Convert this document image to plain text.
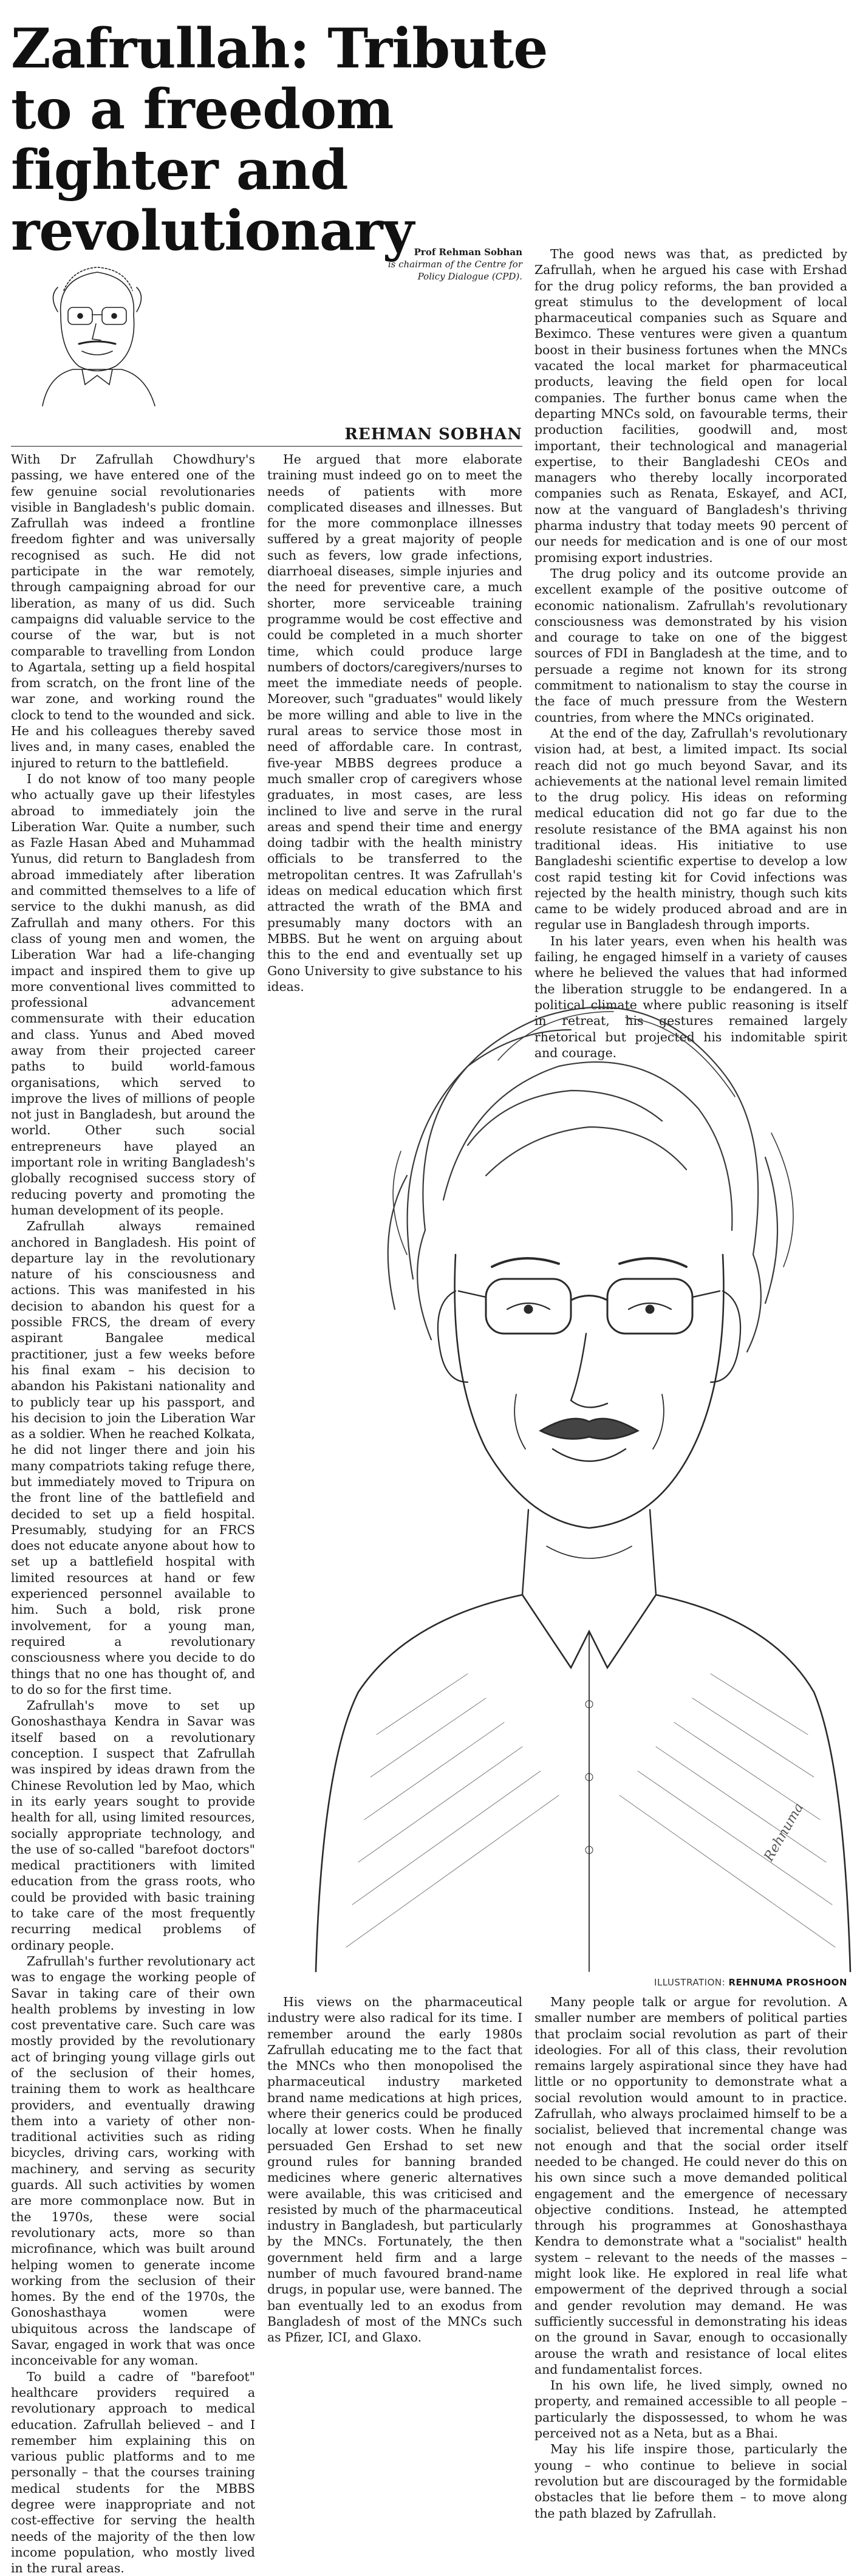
Zafrullah: Tribute to a freedom fighter and revolutionary Prof Rehman Sobhan
is chairman of the Centre for Policy Dialogue (CPD).
REHMAN SOBHAN

With Dr Zafrullah Chowdhury's passing, we have entered one of the few genuine social revolutionaries visible in Bangladesh's public domain. Zafrullah was indeed a frontline freedom fighter and was universally recognised as such. He did not participate in the war remotely, through campaigning abroad for our liberation, as many of us did. Such campaigns did valuable service to the course of the war, but is not comparable to travelling from London to Agartala, setting up a field hospital from scratch, on the front line of the war zone, and working round the clock to tend to the wounded and sick. He and his colleagues thereby saved lives and, in many cases, enabled the injured to return to the battlefield.

I do not know of too many people who actually gave up their lifestyles abroad to immediately join the Liberation War. Quite a number, such as Fazle Hasan Abed and Muhammad Yunus, did return to Bangladesh from abroad immediately after liberation and committed themselves to a life of service to the dukhi manush, as did Zafrullah and many others. For this class of young men and women, the Liberation War had a life-changing impact and inspired them to give up more conventional lives committed to professional advancement commensurate with their education and class. Yunus and Abed moved away from their projected career paths to build world-famous organisations, which served to improve the lives of millions of people not just in Bangladesh, but around the world. Other such social entrepreneurs have played an important role in writing Bangladesh's globally recognised success story of reducing poverty and promoting the human development of its people.

Zafrullah always remained anchored in Bangladesh. His point of departure lay in the revolutionary nature of his consciousness and actions. This was manifested in his decision to abandon his quest for a possible FRCS, the dream of every aspirant Bangalee medical practitioner, just a few weeks before his final exam – his decision to abandon his Pakistani nationality and to publicly tear up his passport, and his decision to join the Liberation War as a soldier. When he reached Kolkata, he did not linger there and join his many compatriots taking refuge there, but immediately moved to Tripura on the front line of the battlefield and decided to set up a field hospital. Presumably, studying for an FRCS does not educate anyone about how to set up a battlefield hospital with limited resources at hand or few experienced personnel available to him. Such a bold, risk prone involvement, for a young man, required a revolutionary consciousness where you decide to do things that no one has thought of, and to do so for the first time.

Zafrullah's move to set up Gonoshasthaya Kendra in Savar was itself based on a revolutionary conception. I suspect that Zafrullah was inspired by ideas drawn from the Chinese Revolution led by Mao, which in its early years sought to provide health for all, using limited resources, socially appropriate technology, and the use of so-called "barefoot doctors" medical practitioners with limited education from the grass roots, who could be provided with basic training to take care of the most frequently recurring medical problems of ordinary people.

Zafrullah's further revolutionary act was to engage the working people of Savar in taking care of their own health problems by investing in low cost preventative care. Such care was mostly provided by the revolutionary act of bringing young village girls out of the seclusion of their homes, training them to work as healthcare providers, and eventually drawing them into a variety of other non-traditional activities such as riding bicycles, driving cars, working with machinery, and serving as security guards. All such activities by women are more commonplace now. But in the 1970s, these were social revolutionary acts, more so than microfinance, which was built around helping women to generate income working from the seclusion of their homes. By the end of the 1970s, the Gonoshasthaya women were ubiquitous across the landscape of Savar, engaged in work that was once inconceivable for any woman.

To build a cadre of "barefoot" healthcare providers required a revolutionary approach to medical education. Zafrullah believed – and I remember him explaining this on various public platforms and to me personally – that the courses training medical students for the MBBS degree were inappropriate and not cost-effective for serving the health needs of the majority of the then low income population, who mostly lived in the rural areas.

He argued that more elaborate training must indeed go on to meet the needs of patients with more complicated diseases and illnesses. But for the more commonplace illnesses suffered by a great majority of people such as fevers, low grade infections, diarrhoeal diseases, simple injuries and the need for preventive care, a much shorter, more serviceable training programme would be cost effective and could be completed in a much shorter time, which could produce large numbers of doctors/caregivers/nurses to meet the immediate needs of people. Moreover, such "graduates" would likely be more willing and able to live in the rural areas to service those most in need of affordable care. In contrast, five-year MBBS degrees produce a much smaller crop of caregivers whose graduates, in most cases, are less inclined to live and serve in the rural areas and spend their time and energy doing tadbir with the health ministry officials to be transferred to the metropolitan centres. It was Zafrullah's ideas on medical education which first attracted the wrath of the BMA and presumably many doctors with an MBBS. But he went on arguing about this to the end and eventually set up Gono University to give substance to his ideas.

The good news was that, as predicted by Zafrullah, when he argued his case with Ershad for the drug policy reforms, the ban provided a great stimulus to the development of local pharmaceutical companies such as Square and Beximco. These ventures were given a quantum boost in their business fortunes when the MNCs vacated the local market for pharmaceutical products, leaving the field open for local companies. The further bonus came when the departing MNCs sold, on favourable terms, their production facilities, goodwill and, most important, their technological and managerial expertise, to their Bangladeshi CEOs and managers who thereby locally incorporated companies such as Renata, Eskayef, and ACI, now at the vanguard of Bangladesh's thriving pharma industry that today meets 90 percent of our needs for medication and is one of our most promising export industries.

The drug policy and its outcome provide an excellent example of the positive outcome of economic nationalism. Zafrullah's revolutionary consciousness was demonstrated by his vision and courage to take on one of the biggest sources of FDI in Bangladesh at the time, and to persuade a regime not known for its strong commitment to nationalism to stay the course in the face of much pressure from the Western countries, from where the MNCs originated.

At the end of the day, Zafrullah's revolutionary vision had, at best, a limited impact. Its social reach did not go much beyond Savar, and its achievements at the national level remain limited to the drug policy. His ideas on reforming medical education did not go far due to the resolute resistance of the BMA against his non traditional ideas. His initiative to use Bangladeshi scientific expertise to develop a low cost rapid testing kit for Covid infections was rejected by the health ministry, though such kits came to be widely produced abroad and are in regular use in Bangladesh through imports.

In his later years, even when his health was failing, he engaged himself in a variety of causes where he believed the values that had informed the liberation struggle to be endangered. In a political climate where public reasoning is itself in retreat, his gestures remained largely rhetorical but projected his indomitable spirit and courage.

Rehnuma
ILLUSTRATION: REHNUMA PROSHOON

His views on the pharmaceutical industry were also radical for its time. I remember around the early 1980s Zafrullah educating me to the fact that the MNCs who then monopolised the pharmaceutical industry marketed brand name medications at high prices, where their generics could be produced locally at lower costs. When he finally persuaded Gen Ershad to set new ground rules for banning branded medicines where generic alternatives were available, this was criticised and resisted by much of the pharmaceutical industry in Bangladesh, but particularly by the MNCs. Fortunately, the then government held firm and a large number of much favoured brand-name drugs, in popular use, were banned. The ban eventually led to an exodus from Bangladesh of most of the MNCs such as Pfizer, ICI, and Glaxo.

Many people talk or argue for revolution. A smaller number are members of political parties that proclaim social revolution as part of their ideologies. For all of this class, their revolution remains largely aspirational since they have had little or no opportunity to demonstrate what a social revolution would amount to in practice. Zafrullah, who always proclaimed himself to be a socialist, believed that incremental change was not enough and that the social order itself needed to be changed. He could never do this on his own since such a move demanded political engagement and the emergence of necessary objective conditions. Instead, he attempted through his programmes at Gonoshasthaya Kendra to demonstrate what a "socialist" health system – relevant to the needs of the masses – might look like. He explored in real life what empowerment of the deprived through a social and gender revolution may demand. He was sufficiently successful in demonstrating his ideas on the ground in Savar, enough to occasionally arouse the wrath and resistance of local elites and fundamentalist forces.

In his own life, he lived simply, owned no property, and remained accessible to all people – particularly the dispossessed, to whom he was perceived not as a Neta, but as a Bhai.

May his life inspire those, particularly the young – who continue to believe in social revolution but are discouraged by the formidable obstacles that lie before them – to move along the path blazed by Zafrullah.
